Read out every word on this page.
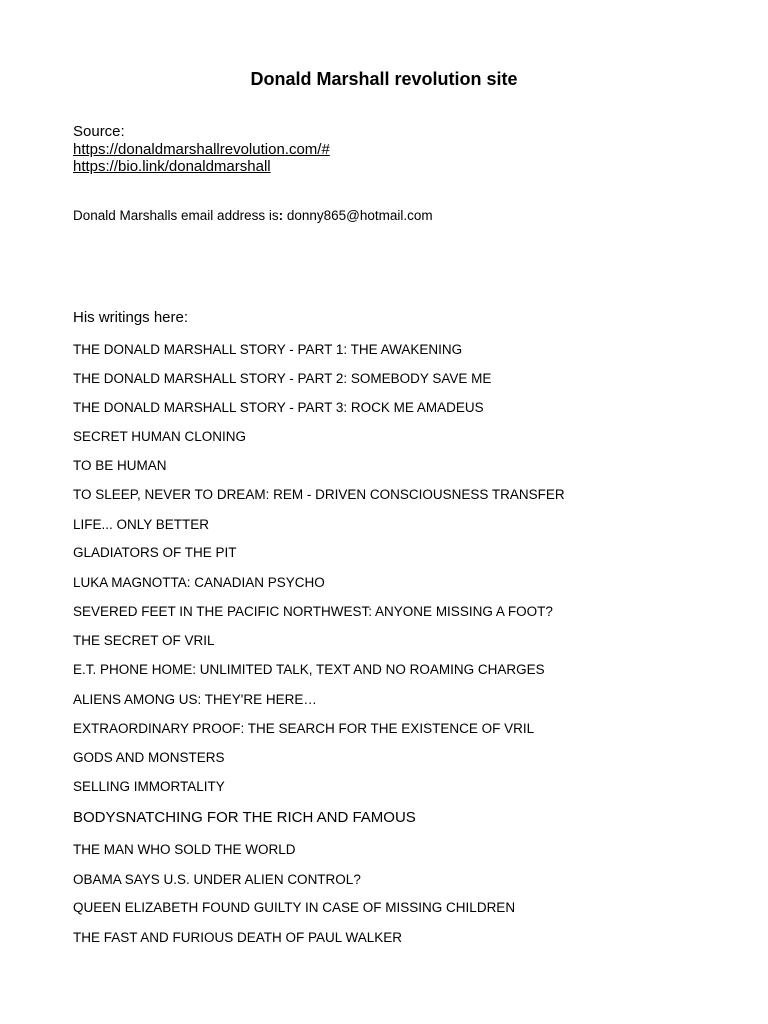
Donald Marshall revolution site
Source:
https://donaldmarshallrevolution.com/#
https://bio.link/donaldmarshall
Donald Marshalls email address is: donny865@hotmail.com
His writings here:
THE DONALD MARSHALL STORY - PART 1: THE AWAKENING
THE DONALD MARSHALL STORY - PART 2: SOMEBODY SAVE ME
THE DONALD MARSHALL STORY - PART 3: ROCK ME AMADEUS
SECRET HUMAN CLONING
TO BE HUMAN
TO SLEEP, NEVER TO DREAM: REM - DRIVEN CONSCIOUSNESS TRANSFER
LIFE... ONLY BETTER
GLADIATORS OF THE PIT
LUKA MAGNOTTA: CANADIAN PSYCHO
SEVERED FEET IN THE PACIFIC NORTHWEST: ANYONE MISSING A FOOT?
THE SECRET OF VRIL
E.T. PHONE HOME: UNLIMITED TALK, TEXT AND NO ROAMING CHARGES
ALIENS AMONG US: THEY'RE HERE…
EXTRAORDINARY PROOF: THE SEARCH FOR THE EXISTENCE OF VRIL
GODS AND MONSTERS
SELLING IMMORTALITY
BODYSNATCHING FOR THE RICH AND FAMOUS
THE MAN WHO SOLD THE WORLD
OBAMA SAYS U.S. UNDER ALIEN CONTROL?
QUEEN ELIZABETH FOUND GUILTY IN CASE OF MISSING CHILDREN
THE FAST AND FURIOUS DEATH OF PAUL WALKER
